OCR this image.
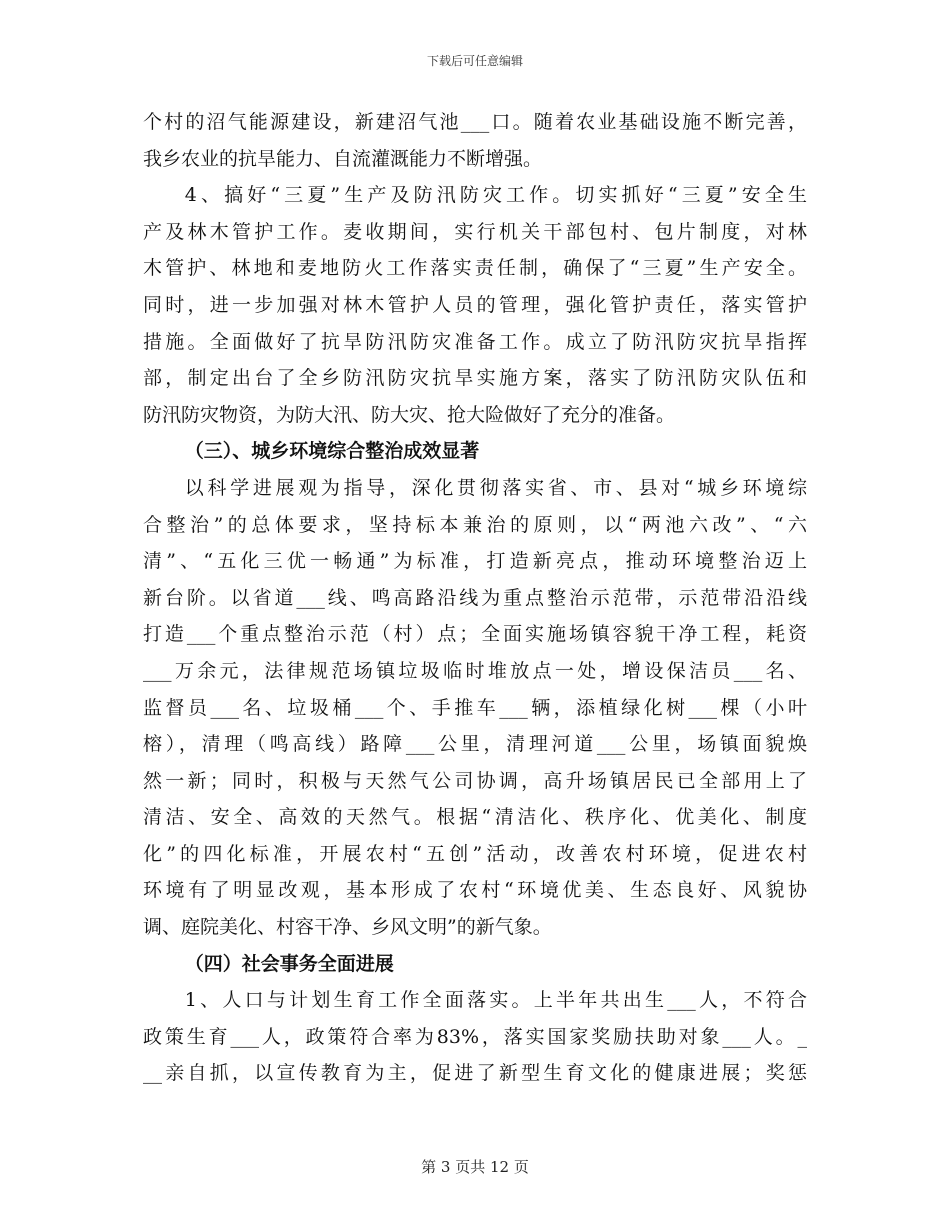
下载后可任意编辑
个村的沼气能源建设，新建沼气池___口。随着农业基础设施不断完善，
我乡农业的抗旱能力、自流灌溉能力不断增强。
4、搞好“三夏”生产及防汛防灾工作。切实抓好“三夏”安全生
产及林木管护工作。麦收期间，实行机关干部包村、包片制度，对林
木管护、林地和麦地防火工作落实责任制，确保了“三夏”生产安全。
同时，进一步加强对林木管护人员的管理，强化管护责任，落实管护
措施。全面做好了抗旱防汛防灾准备工作。成立了防汛防灾抗旱指挥
部，制定出台了全乡防汛防灾抗旱实施方案，落实了防汛防灾队伍和
防汛防灾物资，为防大汛、防大灾、抢大险做好了充分的准备。
（三）、城乡环境综合整治成效显著
以科学进展观为指导，深化贯彻落实省、市、县对“城乡环境综
合整治”的总体要求，坚持标本兼治的原则，以“两池六改”、“六
清”、“五化三优一畅通”为标准，打造新亮点，推动环境整治迈上
新台阶。以省道___线、鸣高路沿线为重点整治示范带，示范带沿沿线
打造___个重点整治示范（村）点；全面实施场镇容貌干净工程，耗资
___万余元，法律规范场镇垃圾临时堆放点一处，增设保洁员___名、
监督员___名、垃圾桶___个、手推车___辆，添植绿化树___棵（小叶
榕），清理（鸣高线）路障___公里，清理河道___公里，场镇面貌焕
然一新；同时，积极与天然气公司协调，高升场镇居民已全部用上了
清洁、安全、高效的天然气。根据“清洁化、秩序化、优美化、制度
化”的四化标准，开展农村“五创”活动，改善农村环境，促进农村
环境有了明显改观，基本形成了农村“环境优美、生态良好、风貌协
调、庭院美化、村容干净、乡风文明”的新气象。
（四）社会事务全面进展
1、人口与计划生育工作全面落实。上半年共出生___人，不符合
政策生育___人，政策符合率为83%，落实国家奖励扶助对象___人。_
__亲自抓，以宣传教育为主，促进了新型生育文化的健康进展；奖惩
第 3 页共 12 页
